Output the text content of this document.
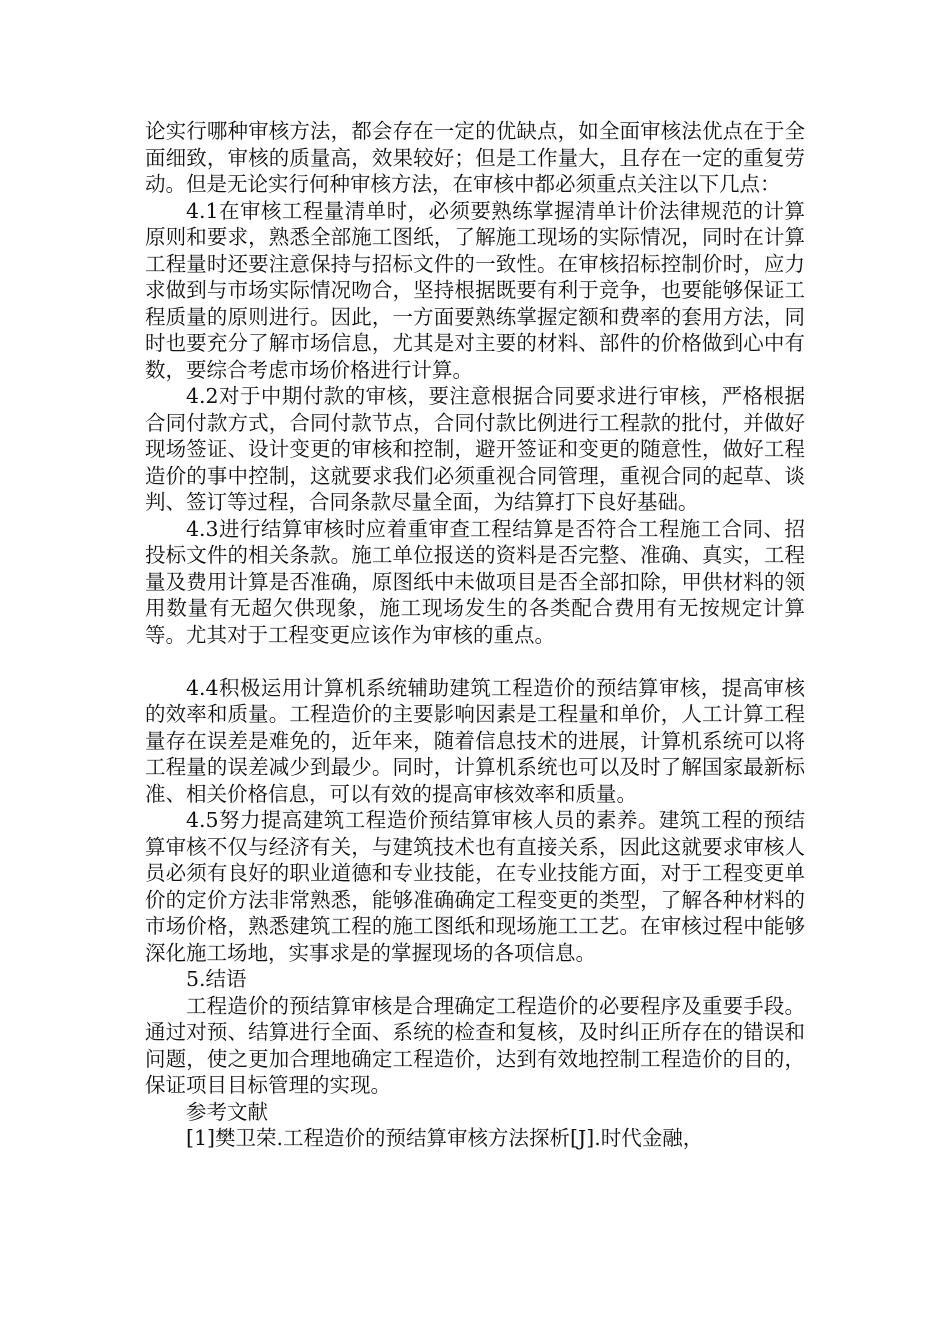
论实行哪种审核方法，都会存在一定的优缺点，如全面审核法优点在于全面细致，审核的质量高，效果较好；但是工作量大，且存在一定的重复劳动。但是无论实行何种审核方法，在审核中都必须重点关注以下几点：

4.1在审核工程量清单时，必须要熟练掌握清单计价法律规范的计算原则和要求，熟悉全部施工图纸，了解施工现场的实际情况，同时在计算工程量时还要注意保持与招标文件的一致性。在审核招标控制价时，应力求做到与市场实际情况吻合，坚持根据既要有利于竞争，也要能够保证工程质量的原则进行。因此，一方面要熟练掌握定额和费率的套用方法，同时也要充分了解市场信息，尤其是对主要的材料、部件的价格做到心中有数，要综合考虑市场价格进行计算。

4.2对于中期付款的审核，要注意根据合同要求进行审核，严格根据合同付款方式，合同付款节点，合同付款比例进行工程款的批付，并做好现场签证、设计变更的审核和控制，避开签证和变更的随意性，做好工程造价的事中控制，这就要求我们必须重视合同管理，重视合同的起草、谈判、签订等过程，合同条款尽量全面，为结算打下良好基础。

4.3进行结算审核时应着重审查工程结算是否符合工程施工合同、招投标文件的相关条款。施工单位报送的资料是否完整、准确、真实，工程量及费用计算是否准确，原图纸中未做项目是否全部扣除，甲供材料的领用数量有无超欠供现象，施工现场发生的各类配合费用有无按规定计算等。尤其对于工程变更应该作为审核的重点。

4.4积极运用计算机系统辅助建筑工程造价的预结算审核，提高审核的效率和质量。工程造价的主要影响因素是工程量和单价，人工计算工程量存在误差是难免的，近年来，随着信息技术的进展，计算机系统可以将工程量的误差减少到最少。同时，计算机系统也可以及时了解国家最新标准、相关价格信息，可以有效的提高审核效率和质量。

4.5努力提高建筑工程造价预结算审核人员的素养。建筑工程的预结算审核不仅与经济有关，与建筑技术也有直接关系，因此这就要求审核人员必须有良好的职业道德和专业技能，在专业技能方面，对于工程变更单价的定价方法非常熟悉，能够准确确定工程变更的类型，了解各种材料的市场价格，熟悉建筑工程的施工图纸和现场施工工艺。在审核过程中能够深化施工场地，实事求是的掌握现场的各项信息。

5.结语

工程造价的预结算审核是合理确定工程造价的必要程序及重要手段。通过对预、结算进行全面、系统的检查和复核，及时纠正所存在的错误和问题，使之更加合理地确定工程造价，达到有效地控制工程造价的目的，保证项目目标管理的实现。

参考文献

[1]樊卫荣.工程造价的预结算审核方法探析[J].时代金融，
